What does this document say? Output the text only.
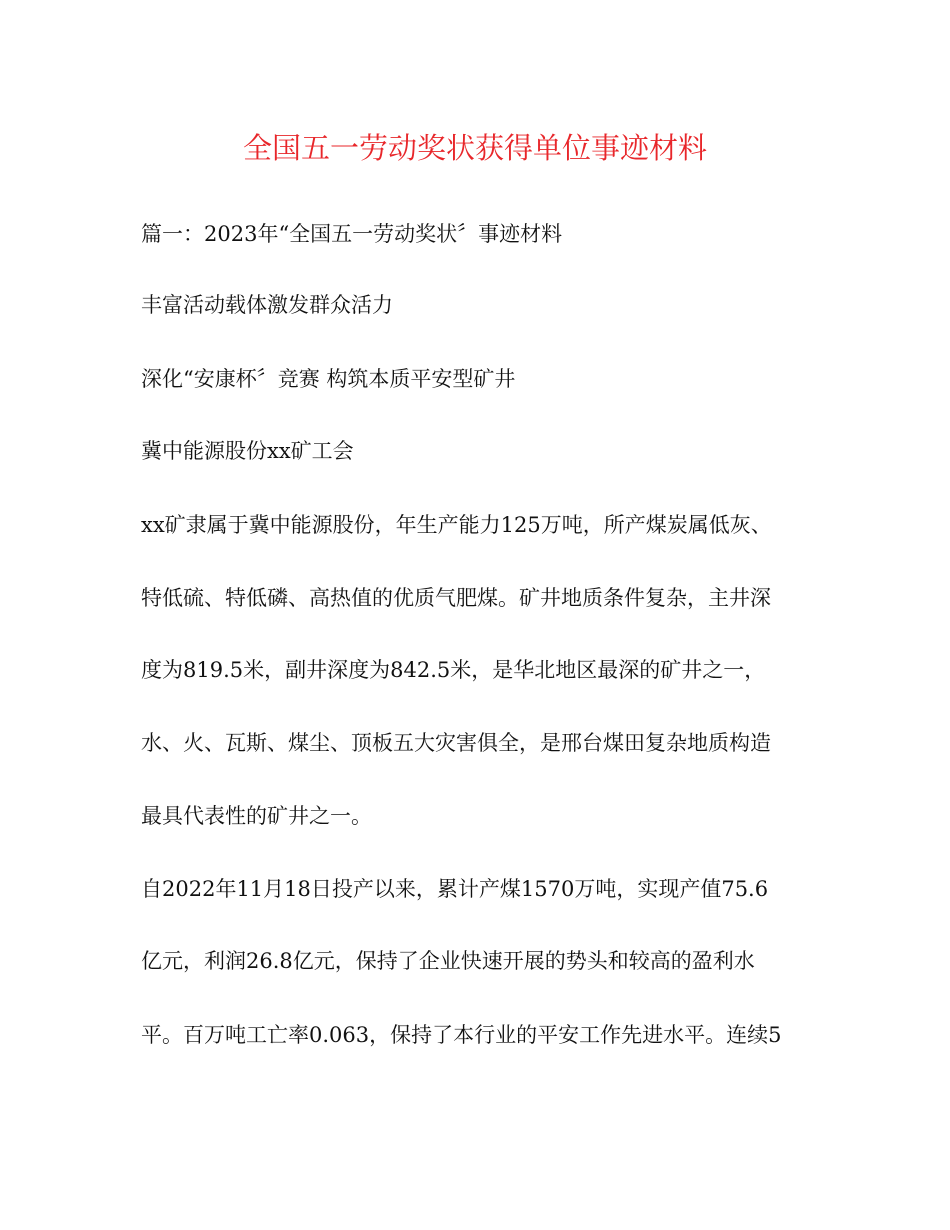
全国五一劳动奖状获得单位事迹材料

篇一：2023年“全国五一劳动奖状〞事迹材料

丰富活动载体激发群众活力

深化“安康杯〞竞赛 构筑本质平安型矿井

冀中能源股份xx矿工会

xx矿隶属于冀中能源股份，年生产能力125万吨，所产煤炭属低灰、

特低硫、特低磷、高热值的优质气肥煤。矿井地质条件复杂，主井深

度为819.5米，副井深度为842.5米，是华北地区最深的矿井之一，

水、火、瓦斯、煤尘、顶板五大灾害俱全，是邢台煤田复杂地质构造

最具代表性的矿井之一。

自2022年11月18日投产以来，累计产煤1570万吨，实现产值75.6

亿元，利润26.8亿元，保持了企业快速开展的势头和较高的盈利水

平。百万吨工亡率0.063，保持了本行业的平安工作先进水平。连续5
